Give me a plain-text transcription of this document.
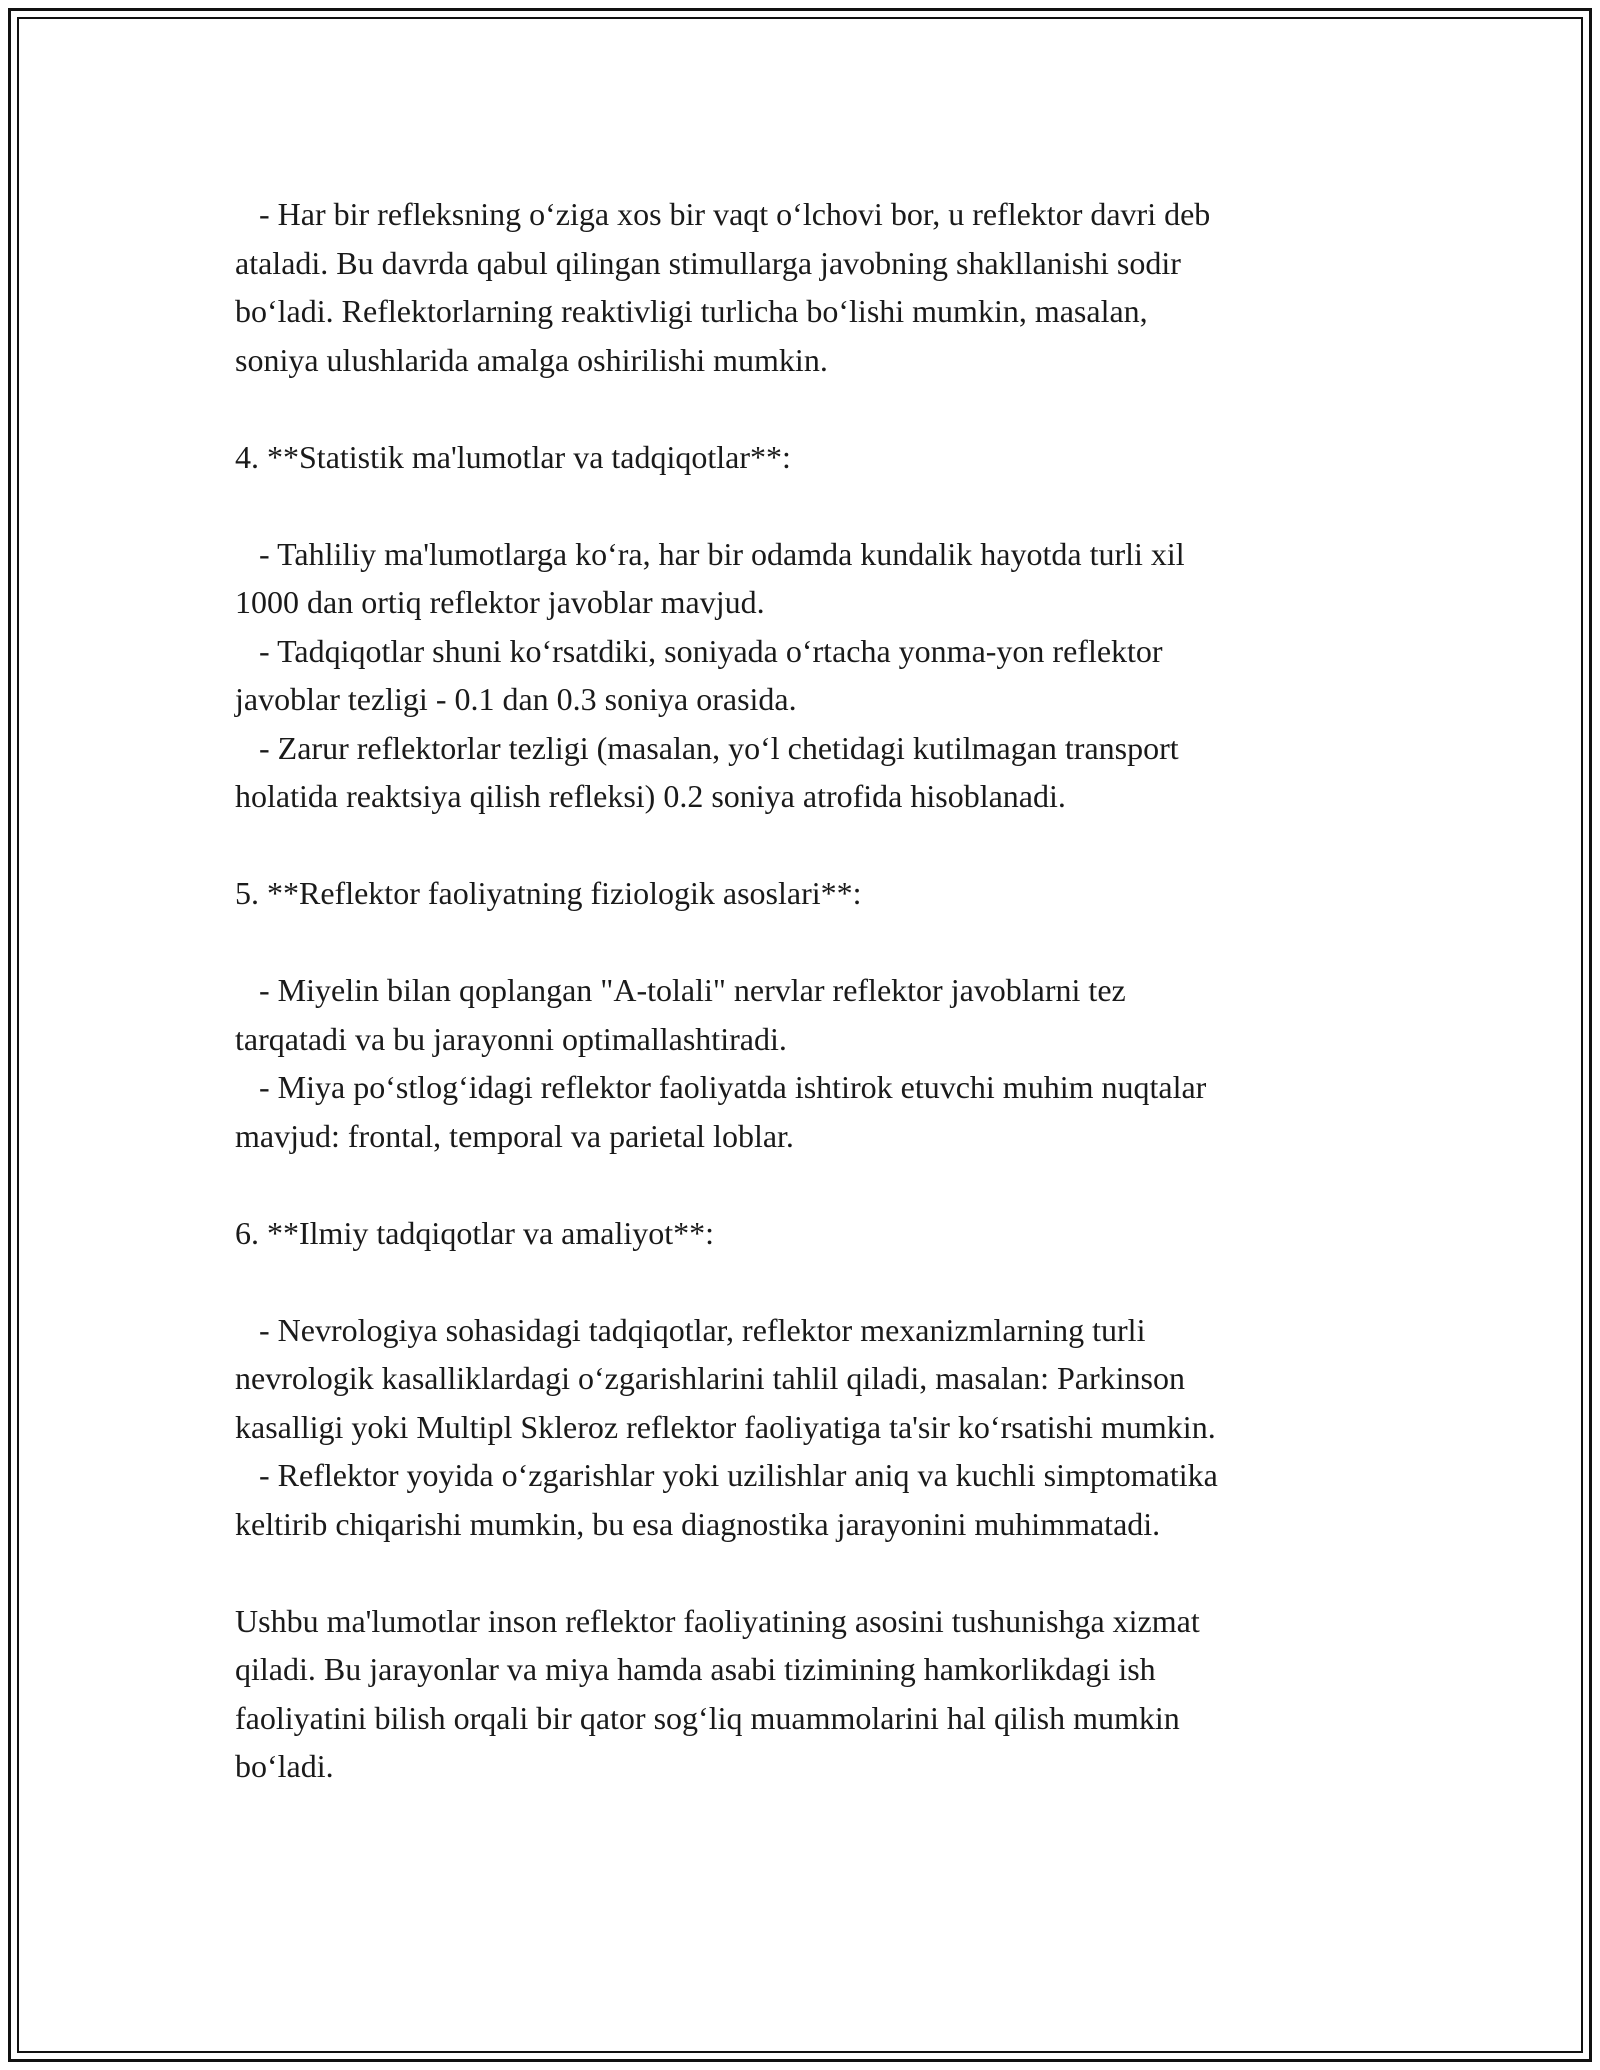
- Har bir refleksning o‘ziga xos bir vaqt o‘lchovi bor, u reflektor davri deb
ataladi. Bu davrda qabul qilingan stimullarga javobning shakllanishi sodir
bo‘ladi. Reflektorlarning reaktivligi turlicha bo‘lishi mumkin, masalan,
soniya ulushlarida amalga oshirilishi mumkin.
4. **Statistik ma'lumotlar va tadqiqotlar**:
- Tahliliy ma'lumotlarga ko‘ra, har bir odamda kundalik hayotda turli xil
1000 dan ortiq reflektor javoblar mavjud.
- Tadqiqotlar shuni ko‘rsatdiki, soniyada o‘rtacha yonma-yon reflektor
javoblar tezligi - 0.1 dan 0.3 soniya orasida.
- Zarur reflektorlar tezligi (masalan, yo‘l chetidagi kutilmagan transport
holatida reaktsiya qilish refleksi) 0.2 soniya atrofida hisoblanadi.
5. **Reflektor faoliyatning fiziologik asoslari**:
- Miyelin bilan qoplangan "A-tolali" nervlar reflektor javoblarni tez
tarqatadi va bu jarayonni optimallashtiradi.
- Miya po‘stlog‘idagi reflektor faoliyatda ishtirok etuvchi muhim nuqtalar
mavjud: frontal, temporal va parietal loblar.
6. **Ilmiy tadqiqotlar va amaliyot**:
- Nevrologiya sohasidagi tadqiqotlar, reflektor mexanizmlarning turli
nevrologik kasalliklardagi o‘zgarishlarini tahlil qiladi, masalan: Parkinson
kasalligi yoki Multipl Skleroz reflektor faoliyatiga ta'sir ko‘rsatishi mumkin.
- Reflektor yoyida o‘zgarishlar yoki uzilishlar aniq va kuchli simptomatika
keltirib chiqarishi mumkin, bu esa diagnostika jarayonini muhimmatadi.
Ushbu ma'lumotlar inson reflektor faoliyatining asosini tushunishga xizmat
qiladi. Bu jarayonlar va miya hamda asabi tizimining hamkorlikdagi ish
faoliyatini bilish orqali bir qator sog‘liq muammolarini hal qilish mumkin
bo‘ladi.
